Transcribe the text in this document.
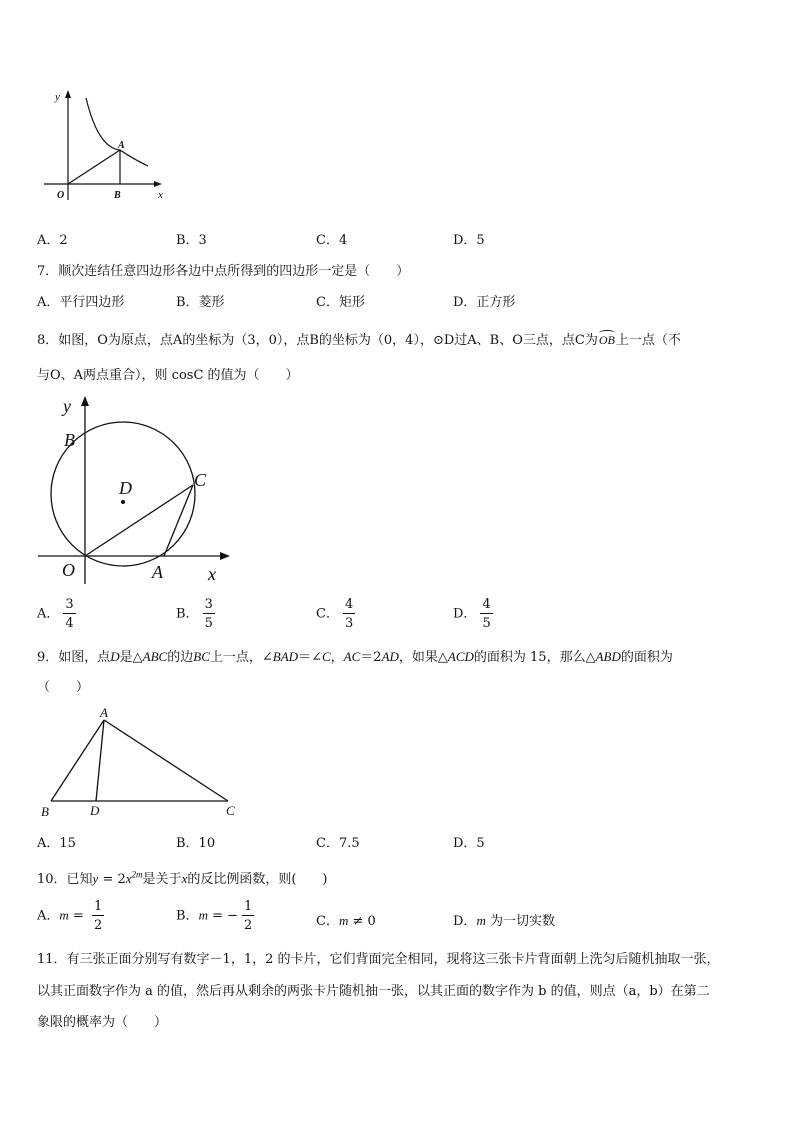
y
x
O
A
B
A．2	B．3	C．4	D．5
7．顺次连结任意四边形各边中点所得到的四边形一定是（　　）
A．平行四边形	B．菱形	C．矩形	D．正方形
8．如图，O为原点，点A的坐标为（3，0），点B的坐标为（0，4），⊙D过A、B、O三点，点C为
OB上一点（不
与O、A两点重合），则 cosC 的值为（　　）
y
B
D	C
O	A	x
A． $\frac{3}{4}$	B． $\frac{3}{5}$	C． $\frac{4}{3}$	D． $\frac{4}{5}$
9．如图，点D是△ABC的边BC上一点，∠BAD＝∠C，AC＝2AD，如果△ACD的面积为 15，那么△ABD的面积为
（　　）
A
B	D	C
A．15	B．10	C．7.5	D．5
10．已知$y = 2x^{2m}$是关于x的反比例函数，则(　　)
A．$m = \frac{1}{2}$	B．m = − $\frac{1}{2}$	C．m ≠ 0	D．m 为一切实数
11．有三张正面分别写有数字－1，1，2 的卡片，它们背面完全相同，现将这三张卡片背面朝上洗匀后随机抽取一张，
以其正面数字作为 a 的值，然后再从剩余的两张卡片随机抽一张，以其正面的数字作为 b 的值，则点（a，b）在第二
象限的概率为（　　）
